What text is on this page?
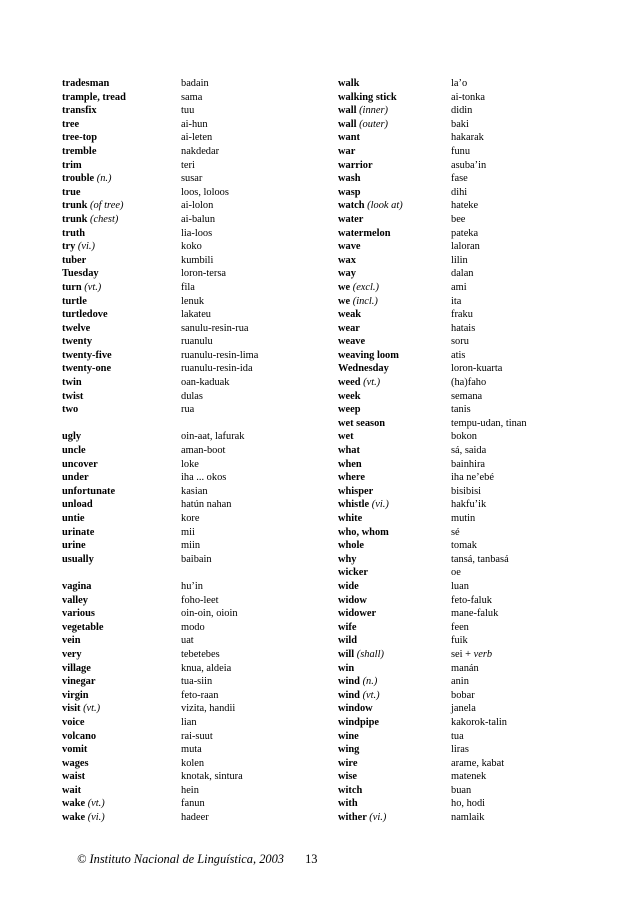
tradesman	badain
trample, tread	sama
transfix	tuu
tree	ai-hun
tree-top	ai-leten
tremble	nakdedar
trim	teri
trouble (n.)	susar
true	loos, loloos
trunk (of tree)	ai-lolon
trunk (chest)	ai-balun
truth	lia-loos
try (vi.)	koko
tuber	kumbili
Tuesday	loron-tersa
turn (vt.)	fila
turtle	lenuk
turtledove	lakateu
twelve	sanulu-resin-rua
twenty	ruanulu
twenty-five	ruanulu-resin-lima
twenty-one	ruanulu-resin-ida
twin	oan-kaduak
twist	dulas
two	rua
ugly	oin-aat, lafurak
uncle	aman-boot
uncover	loke
under	iha ... okos
unfortunate	kasian
unload	hatún nahan
untie	kore
urinate	mii
urine	miin
usually	baibain
vagina	hu’in
valley	foho-leet
various	oin-oin, oioin
vegetable	modo
vein	uat
very	tebetebes
village	knua, aldeia
vinegar	tua-siin
virgin	feto-raan
visit (vt.)	vizita, handii
voice	lian
volcano	rai-suut
vomit	muta
wages	kolen
waist	knotak, sintura
wait	hein
wake (vt.)	fanun
wake (vi.)	hadeer
walk	la’o
walking stick	ai-tonka
wall (inner)	didin
wall (outer)	baki
want	hakarak
war	funu
warrior	asuba’in
wash	fase
wasp	dihi
watch (look at)	hateke
water	bee
watermelon	pateka
wave	laloran
wax	lilin
way	dalan
we (excl.)	ami
we (incl.)	ita
weak	fraku
wear	hatais
weave	soru
weaving loom	atis
Wednesday	loron-kuarta
weed (vt.)	(ha)faho
week	semana
weep	tanis
wet season	tempu-udan, tinan
wet	bokon
what	sá, saida
when	bainhira
where	iha ne’ebé
whisper	bisibisi
whistle (vi.)	hakfu’ik
white	mutin
who, whom	sé
whole	tomak
why	tansá, tanbasá
wicker	oe
wide	luan
widow	feto-faluk
widower	mane-faluk
wife	feen
wild	fuik
will (shall)	sei + verb
win	manán
wind (n.)	anin
wind (vt.)	bobar
window	janela
windpipe	kakorok-talin
wine	tua
wing	liras
wire	arame, kabat
wise	matenek
witch	buan
with	ho, hodi
wither (vi.)	namlaik
© Instituto Nacional de Linguística, 2003 13
